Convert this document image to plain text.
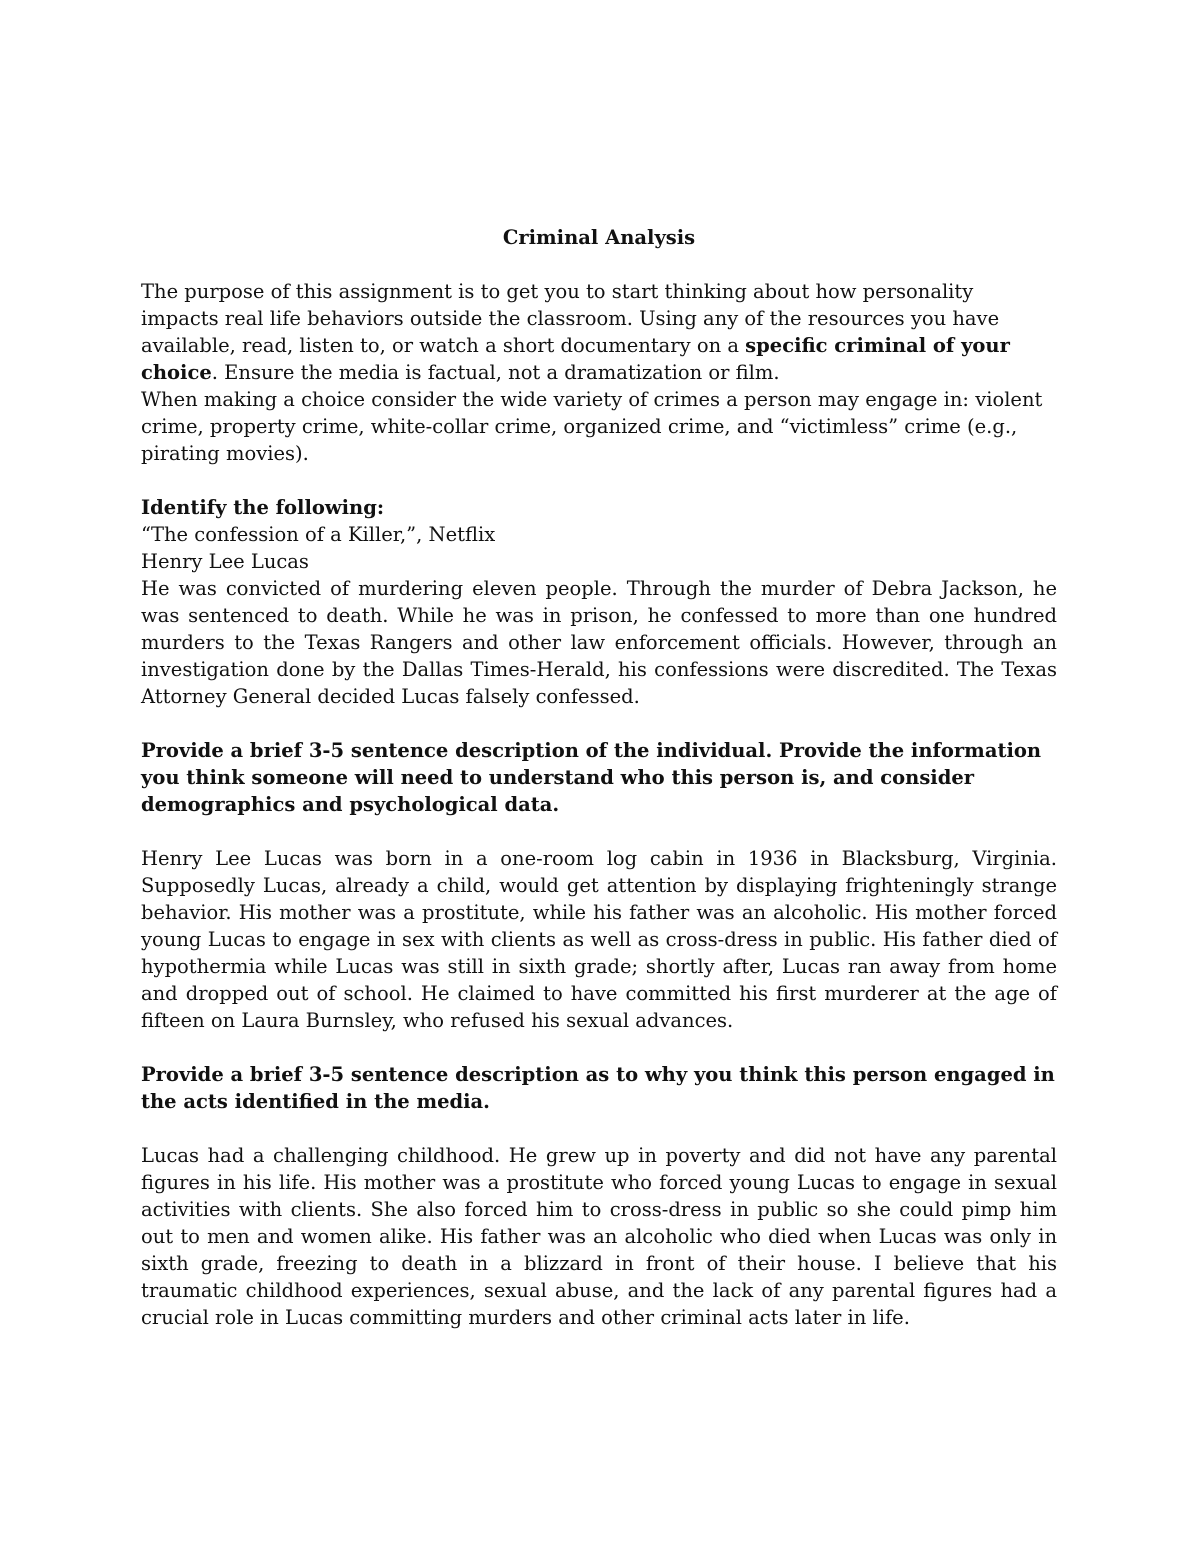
Criminal Analysis

The purpose of this assignment is to get you to start thinking about how personality impacts real life behaviors outside the classroom. Using any of the resources you have available, read, listen to, or watch a short documentary on a specific criminal of your choice. Ensure the media is factual, not a dramatization or film.

When making a choice consider the wide variety of crimes a person may engage in: violent crime, property crime, white-collar crime, organized crime, and “victimless” crime (e.g., pirating movies).

Identify the following:

“The confession of a Killer,”, Netflix

Henry Lee Lucas

He was convicted of murdering eleven people. Through the murder of Debra Jackson, he was sentenced to death. While he was in prison, he confessed to more than one hundred murders to the Texas Rangers and other law enforcement officials. However, through an investigation done by the Dallas Times-Herald, his confessions were discredited. The Texas Attorney General decided Lucas falsely confessed.

Provide a brief 3-5 sentence description of the individual. Provide the information you think someone will need to understand who this person is, and consider demographics and psychological data.

Henry Lee Lucas was born in a one-room log cabin in 1936 in Blacksburg, Virginia. Supposedly Lucas, already a child, would get attention by displaying frighteningly strange behavior. His mother was a prostitute, while his father was an alcoholic. His mother forced young Lucas to engage in sex with clients as well as cross-dress in public. His father died of hypothermia while Lucas was still in sixth grade; shortly after, Lucas ran away from home and dropped out of school. He claimed to have committed his first murderer at the age of fifteen on Laura Burnsley, who refused his sexual advances.

Provide a brief 3-5 sentence description as to why you think this person engaged in the acts identified in the media.

Lucas had a challenging childhood. He grew up in poverty and did not have any parental figures in his life. His mother was a prostitute who forced young Lucas to engage in sexual activities with clients. She also forced him to cross-dress in public so she could pimp him out to men and women alike. His father was an alcoholic who died when Lucas was only in sixth grade, freezing to death in a blizzard in front of their house. I believe that his traumatic childhood experiences, sexual abuse, and the lack of any parental figures had a crucial role in Lucas committing murders and other criminal acts later in life.
